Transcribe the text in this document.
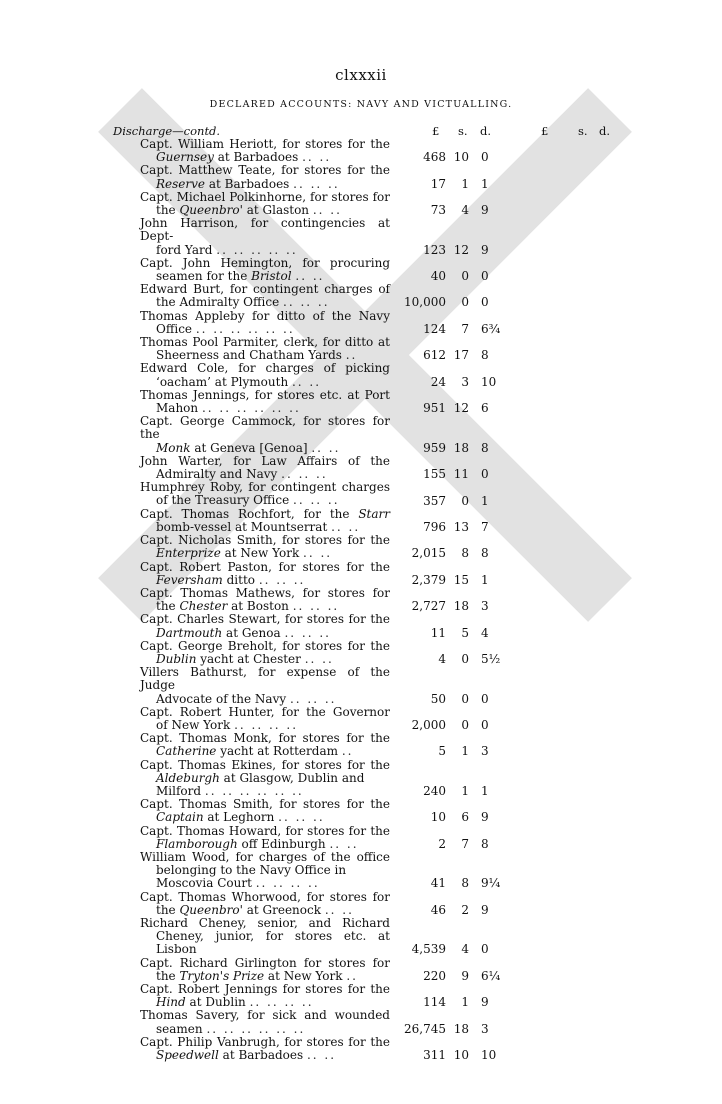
clxxxii
DECLARED ACCOUNTS: NAVY AND VICTUALLING.
Discharge—contd.	£ s. d.	£	s. d.
Capt. William Heriott, for stores for the
Guernsey at Barbadoes .. ..	468 10 0
Capt. Matthew Teate, for stores for the
Reserve at Barbadoes .. .. ..	17 1 1
Capt. Michael Polkinhorne, for stores for
the Queenbro' at Glaston .. ..	73 4 9
John Harrison, for contingencies at Dept-
ford Yard .. .. .. .. ..	123 12 9
Capt. John Hemington, for procuring
seamen for the Bristol .. ..	40 0 0
Edward Burt, for contingent charges of
the Admiralty Office .. .. ..	10,000 0 0
Thomas Appleby for ditto of the Navy
Office .. .. .. .. .. ..	124 7 6¾
Thomas Pool Parmiter, clerk, for ditto at
Sheerness and Chatham Yards ..	612 17 8
Edward Cole, for charges of picking
‘oacham’ at Plymouth .. ..	24 3 10
Thomas Jennings, for stores etc. at Port
Mahon .. .. .. .. .. ..	951 12 6
Capt. George Cammock, for stores for the
Monk at Geneva [Genoa] .. ..	959 18 8
John Warter, for Law Affairs of the
Admiralty and Navy .. .. ..	155 11 0
Humphrey Roby, for contingent charges
of the Treasury Office .. .. ..	357 0 1
Capt. Thomas Rochfort, for the Starr
bomb-vessel at Mountserrat .. ..	796 13 7
Capt. Nicholas Smith, for stores for the
Enterprize at New York .. ..	2,015 8 8
Capt. Robert Paston, for stores for the
Feversham ditto .. .. ..	2,379 15 1
Capt. Thomas Mathews, for stores for
the Chester at Boston .. .. ..	2,727 18 3
Capt. Charles Stewart, for stores for the
Dartmouth at Genoa .. .. ..	11 5 4
Capt. George Breholt, for stores for the
Dublin yacht at Chester .. ..	4 0 5½
Villers Bathurst, for expense of the Judge
Advocate of the Navy .. .. ..	50 0 0
Capt. Robert Hunter, for the Governor
of New York .. .. .. ..	2,000 0 0
Capt. Thomas Monk, for stores for the
Catherine yacht at Rotterdam ..	5 1 3
Capt. Thomas Ekines, for stores for the
Aldeburgh at Glasgow, Dublin and
Milford .. .. .. .. .. ..	240 1 1
Capt. Thomas Smith, for stores for the
Captain at Leghorn .. .. ..	10 6 9
Capt. Thomas Howard, for stores for the
Flamborough off Edinburgh .. ..	2 7 8
William Wood, for charges of the office
belonging to the Navy Office in
Moscovia Court .. .. .. ..	41 8 9¼
Capt. Thomas Whorwood, for stores for
the Queenbro' at Greenock .. ..	46 2 9
Richard Cheney, senior, and Richard
Cheney, junior, for stores etc. at Lisbon	4,539 4 0
Capt. Richard Girlington for stores for
the Tryton's Prize at New York ..	220 9 6¼
Capt. Robert Jennings for stores for the
Hind at Dublin .. .. .. ..	114 1 9
Thomas Savery, for sick and wounded
seamen .. .. .. .. .. ..	26,745 18 3
Capt. Philip Vanbrugh, for stores for the
Speedwell at Barbadoes .. ..	311 10 10
